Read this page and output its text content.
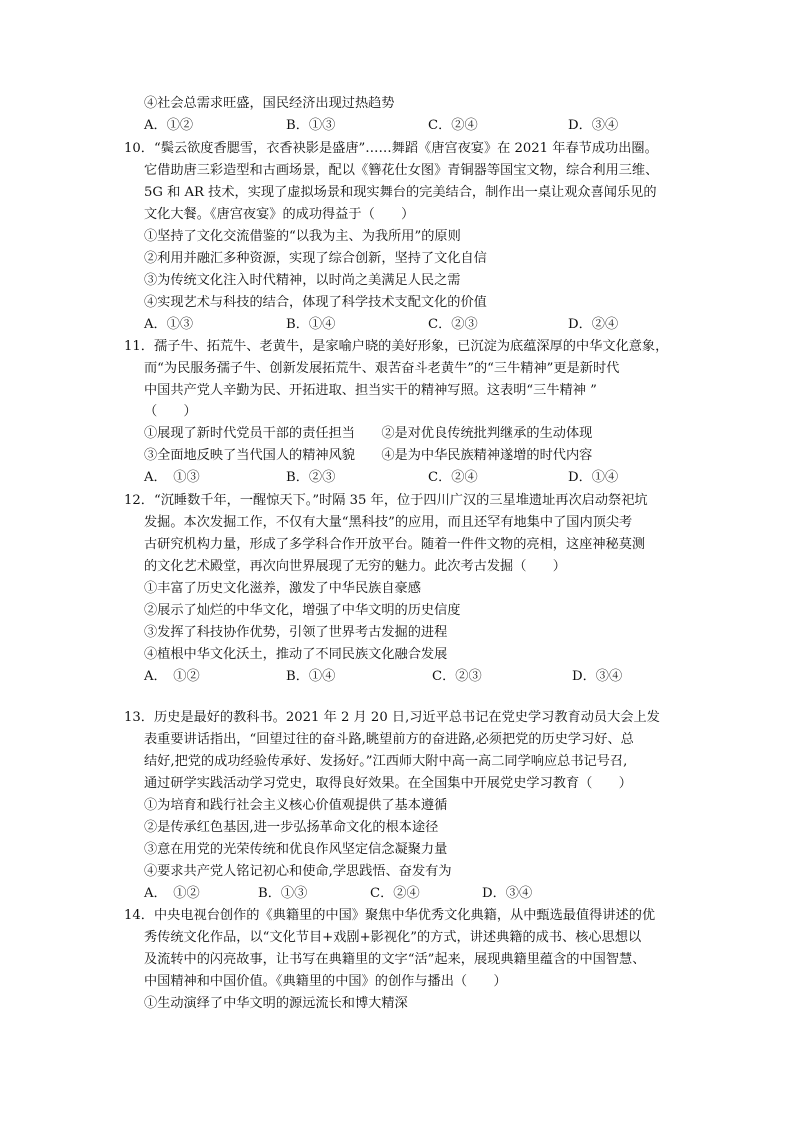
④社会总需求旺盛，国民经济出现过热趋势
A．①②	B．①③	C．②④	D．③④
10．“鬓云欲度香腮雪，衣香袂影是盛唐”……舞蹈《唐宫夜宴》在 2021 年春节成功出圈。
它借助唐三彩造型和古画场景，配以《簪花仕女图》青铜器等国宝文物，综合利用三维、
5G 和 AR 技术，实现了虚拟场景和现实舞台的完美结合，制作出一桌让观众喜闻乐见的
文化大餐。《唐宫夜宴》的成功得益于（　　）
①坚持了文化交流借鉴的“以我为主、为我所用”的原则
②利用并融汇多种资源，实现了综合创新，坚持了文化自信
③为传统文化注入时代精神，以时尚之美满足人民之需
④实现艺术与科技的结合，体现了科学技术支配文化的价值
A．①③	B．①④	C．②③	D．②④
11．孺子牛、拓荒牛、老黄牛，是家喻户晓的美好形象，已沉淀为底蕴深厚的中华文化意象，
而“为民服务孺子牛、创新发展拓荒牛、艰苦奋斗老黄牛”的“三牛精神”更是新时代
中国共产党人辛勤为民、开拓进取、担当实干的精神写照。这表明“三牛精神 ”
（　　）
①展现了新时代党员干部的责任担当　　②是对优良传统批判继承的生动体现
③全面地反映了当代国人的精神风貌　　④是为中华民族精神遂增的时代内容
12．“沉睡数千年，一醒惊天下。”时隔 35 年，位于四川广汉的三星堆遗址再次启动祭祀坑
发掘。本次发掘工作，不仅有大量“黑科技”的应用，而且还罕有地集中了国内顶尖考
古研究机构力量，形成了多学科合作开放平台。随着一件件文物的亮相，这座神秘莫测
的文化艺术殿堂，再次向世界展现了无穷的魅力。此次考古发掘（　　）
①丰富了历史文化滋养，激发了中华民族自豪感
②展示了灿烂的中华文化，增强了中华文明的历史信度
③发挥了科技协作优势，引领了世界考古发掘的进程
④植根中华文化沃土，推动了不同民族文化融合发展
A．　①②	B．①④	C．②③	D．③④
13．历史是最好的教科书。2021 年 2 月 20 日,习近平总书记在党史学习教育动员大会上发
表重要讲话指出，“回望过往的奋斗路,眺望前方的奋进路,必须把党的历史学习好、总
结好,把党的成功经验传承好、发扬好。”江西师大附中高一高二同学响应总书记号召,
通过研学实践活动学习党史，取得良好效果。在全国集中开展党史学习教育（　　）
①为培育和践行社会主义核心价值观提供了基本遵循
②是传承红色基因,进一步弘扬革命文化的根本途径
③意在用党的光荣传统和优良作风坚定信念凝聚力量
④要求共产党人铭记初心和使命,学思践悟、奋发有为
A．　①②	B．①③	C．②④	D．③④
14．中央电视台创作的《典籍里的中国》聚焦中华优秀文化典籍，从中甄选最值得讲述的优
秀传统文化作品，以“文化节目+戏剧+影视化”的方式，讲述典籍的成书、核心思想以
及流转中的闪亮故事，让书写在典籍里的文字“活”起来，展现典籍里蕴含的中国智慧、
中国精神和中国价值。《典籍里的中国》的创作与播出（　　）
①生动演绎了中华文明的源远流长和博大精深
A．　①③	B．②③	C．②④	D．①④
